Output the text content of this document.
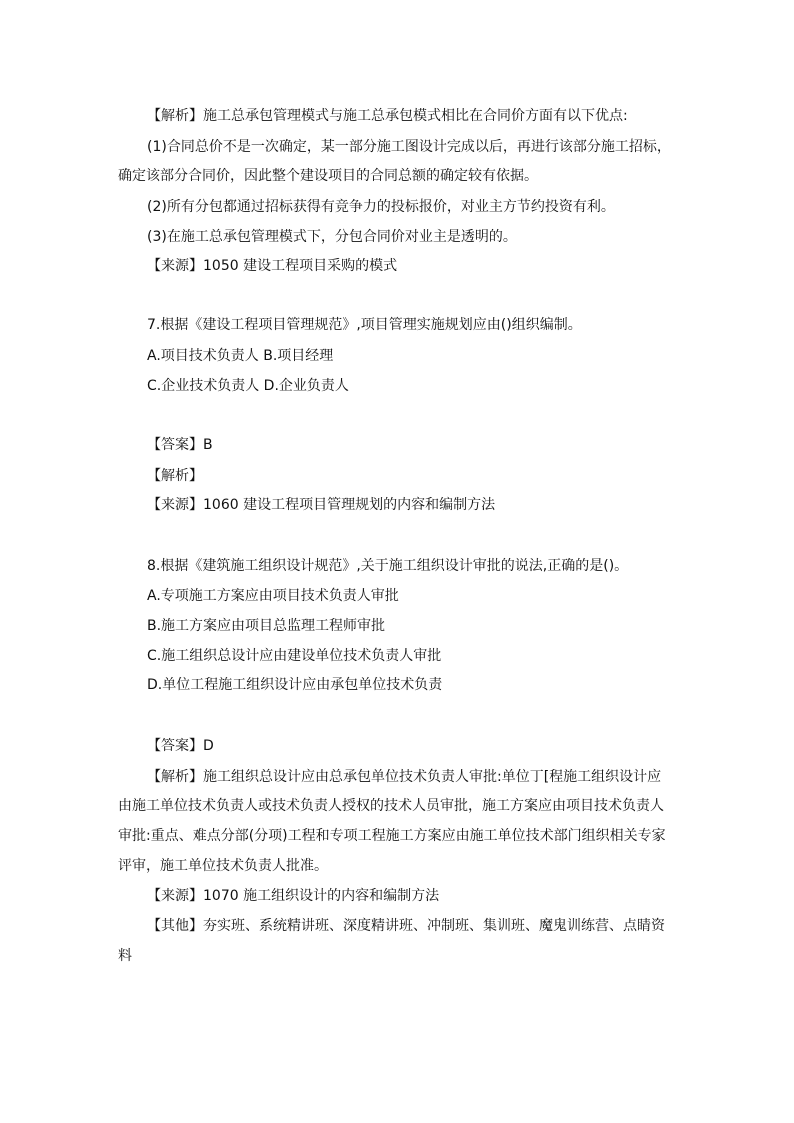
【解析】施工总承包管理模式与施工总承包模式相比在合同价方面有以下优点:
(1)合同总价不是一次确定，某一部分施工图设计完成以后，再进行该部分施工招标，
确定该部分合同价，因此整个建设项目的合同总额的确定较有依据。
(2)所有分包都通过招标获得有竞争力的投标报价，对业主方节约投资有利。
(3)在施工总承包管理模式下，分包合同价对业主是透明的。
【来源】1050 建设工程项目采购的模式
7.根据《建设工程项目管理规范》,项目管理实施规划应由()组织编制。
A.项目技术负责人 B.项目经理
C.企业技术负责人 D.企业负责人
【答案】B
【解析】
【来源】1060 建设工程项目管理规划的内容和编制方法
8.根据《建筑施工组织设计规范》,关于施工组织设计审批的说法,正确的是()。
A.专项施工方案应由项目技术负责人审批
B.施工方案应由项目总监理工程师审批
C.施工组织总设计应由建设单位技术负责人审批
D.单位工程施工组织设计应由承包单位技术负责
【答案】D
【解析】施工组织总设计应由总承包单位技术负责人审批:单位丁[程施工组织设计应
由施工单位技术负责人或技术负责人授权的技术人员审批，施工方案应由项目技术负责人
审批:重点、难点分部(分项)工程和专项工程施工方案应由施工单位技术部门组织相关专家
评审，施工单位技术负责人批准。
【来源】1070 施工组织设计的内容和编制方法
【其他】夯实班、系统精讲班、深度精讲班、冲制班、集训班、魔鬼训练营、点睛资
料
